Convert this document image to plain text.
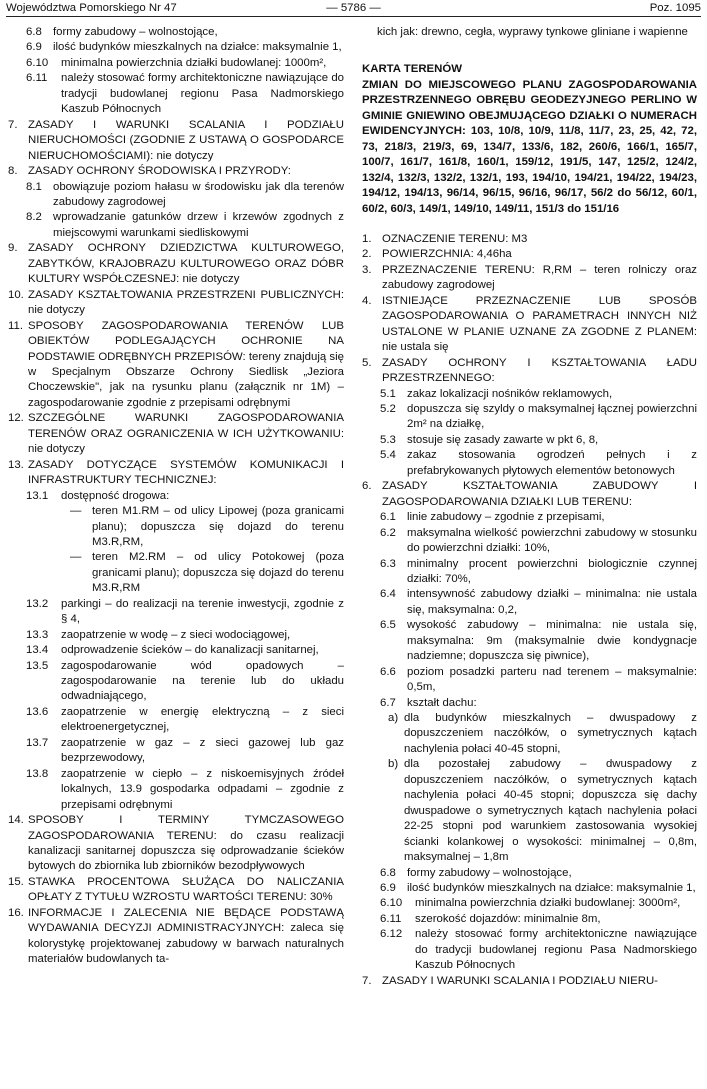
Województwa Pomorskiego Nr 47	— 5786 —	Poz. 1095
6.8 formy zabudowy – wolnostojące,
6.9 ilość budynków mieszkalnych na działce: maksymalnie 1,
6.10 minimalna powierzchnia działki budowlanej: 1000m²,
6.11 należy stosować formy architektoniczne nawiązujące do tradycji budowlanej regionu Pasa Nadmorskiego Kaszub Północnych
7. ZASADY I WARUNKI SCALANIA I PODZIAŁU NIERUCHOMOŚCI (ZGODNIE Z USTAWĄ O GOSPODARCE NIERUCHOMOŚCIAMI): nie dotyczy
8. ZASADY OCHRONY ŚRODOWISKA I PRZYRODY:
8.1 obowiązuje poziom hałasu w środowisku jak dla terenów zabudowy zagrodowej
8.2 wprowadzanie gatunków drzew i krzewów zgodnych z miejscowymi warunkami siedliskowymi
9. ZASADY OCHRONY DZIEDZICTWA KULTUROWEGO, ZABYTKÓW, KRAJOBRAZU KULTUROWEGO ORAZ DÓBR KULTURY WSPÓŁCZESNEJ: nie dotyczy
10. ZASADY KSZTAŁTOWANIA PRZESTRZENI PUBLICZNYCH: nie dotyczy
11. SPOSOBY ZAGOSPODAROWANIA TERENÓW LUB OBIEKTÓW PODLEGAJĄCYCH OCHRONIE NA PODSTAWIE ODRĘBNYCH PRZEPISÓW: tereny znajdują się w Specjalnym Obszarze Ochrony Siedlisk „Jeziora Choczewskie", jak na rysunku planu (załącznik nr 1M) – zagospodarowanie zgodnie z przepisami odrębnymi
12. SZCZEGÓLNE WARUNKI ZAGOSPODAROWANIA TERENÓW ORAZ OGRANICZENIA W ICH UŻYTKOWANIU: nie dotyczy
13. ZASADY DOTYCZĄCE SYSTEMÓW KOMUNIKACJI I INFRASTRUKTURY TECHNICZNEJ:
13.1 dostępność drogowa:
— teren M1.RM – od ulicy Lipowej (poza granicami planu); dopuszcza się dojazd do terenu M3.R,RM,
— teren M2.RM – od ulicy Potokowej (poza granicami planu); dopuszcza się dojazd do terenu M3.R,RM
13.2 parkingi – do realizacji na terenie inwestycji, zgodnie z § 4,
13.3 zaopatrzenie w wodę – z sieci wodociągowej,
13.4 odprowadzenie ścieków – do kanalizacji sanitarnej,
13.5 zagospodarowanie wód opadowych – zagospodarowanie na terenie lub do układu odwadniającego,
13.6 zaopatrzenie w energię elektryczną – z sieci elektroenergetycznej,
13.7 zaopatrzenie w gaz – z sieci gazowej lub gaz bezprzewodowy,
13.8 zaopatrzenie w ciepło – z niskoemisyjnych źródeł lokalnych, 13.9 gospodarka odpadami – zgodnie z przepisami odrębnymi
14. SPOSOBY I TERMINY TYMCZASOWEGO ZAGOSPODAROWANIA TERENU: do czasu realizacji kanalizacji sanitarnej dopuszcza się odprowadzanie ścieków bytowych do zbiornika lub zbiorników bezodpływowych
15. STAWKA PROCENTOWA SŁUŻĄCA DO NALICZANIA OPŁATY Z TYTUŁU WZROSTU WARTOŚCI TERENU: 30%
16. INFORMACJE I ZALECENIA NIE BĘDĄCE PODSTAWĄ WYDAWANIA DECYZJI ADMINISTRACYJNYCH: zaleca się kolorystykę projektowanej zabudowy w barwach naturalnych materiałów budowlanych ta-
kich jak: drewno, cegła, wyprawy tynkowe gliniane i wapienne
KARTA TERENÓW
ZMIAN DO MIEJSCOWEGO PLANU ZAGOSPODAROWANIA PRZESTRZENNEGO OBRĘBU GEODEZYJNEGO PERLINO W GMINIE GNIEWINO OBEJMUJĄCEGO DZIAŁKI O NUMERACH EWIDENCYJNYCH: 103, 10/8, 10/9, 11/8, 11/7, 23, 25, 42, 72, 73, 218/3, 219/3, 69, 134/7, 133/6, 182, 260/6, 166/1, 165/7, 100/7, 161/7, 161/8, 160/1, 159/12, 191/5, 147, 125/2, 124/2, 132/4, 132/3, 132/2, 132/1, 193, 194/10, 194/21, 194/22, 194/23, 194/12, 194/13, 96/14, 96/15, 96/16, 96/17, 56/2 do 56/12, 60/1, 60/2, 60/3, 149/1, 149/10, 149/11, 151/3 do 151/16
1. OZNACZENIE TERENU: M3
2. POWIERZCHNIA: 4,46ha
3. PRZEZNACZENIE TERENU: R,RM – teren rolniczy oraz zabudowy zagrodowej
4. ISTNIEJĄCE PRZEZNACZENIE LUB SPOSÓB ZAGOSPODAROWANIA O PARAMETRACH INNYCH NIŻ USTALONE W PLANIE UZNANE ZA ZGODNE Z PLANEM: nie ustala się
5. ZASADY OCHRONY I KSZTAŁTOWANIA ŁADU PRZESTRZENNEGO:
5.1 zakaz lokalizacji nośników reklamowych,
5.2 dopuszcza się szyldy o maksymalnej łącznej powierzchni 2m² na działkę,
5.3 stosuje się zasady zawarte w pkt 6, 8,
5.4 zakaz stosowania ogrodzeń pełnych i z prefabrykowanych płytowych elementów betonowych
6. ZASADY KSZTAŁTOWANIA ZABUDOWY I ZAGOSPODAROWANIA DZIAŁKI LUB TERENU:
6.1 linie zabudowy – zgodnie z przepisami,
6.2 maksymalna wielkość powierzchni zabudowy w stosunku do powierzchni działki: 10%,
6.3 minimalny procent powierzchni biologicznie czynnej działki: 70%,
6.4 intensywność zabudowy działki – minimalna: nie ustala się, maksymalna: 0,2,
6.5 wysokość zabudowy – minimalna: nie ustala się, maksymalna: 9m (maksymalnie dwie kondygnacje nadziemne; dopuszcza się piwnice),
6.6 poziom posadzki parteru nad terenem – maksymalnie: 0,5m,
6.7 kształt dachu:
a) dla budynków mieszkalnych – dwuspadowy z dopuszczeniem naczółków, o symetrycznych kątach nachylenia połaci 40-45 stopni,
b) dla pozostałej zabudowy – dwuspadowy z dopuszczeniem naczółków, o symetrycznych kątach nachylenia połaci 40-45 stopni; dopuszcza się dachy dwuspadowe o symetrycznych kątach nachylenia połaci 22-25 stopni pod warunkiem zastosowania wysokiej ścianki kolankowej o wysokości: minimalnej – 0,8m, maksymalnej – 1,8m
6.8 formy zabudowy – wolnostojące,
6.9 ilość budynków mieszkalnych na działce: maksymalnie 1,
6.10 minimalna powierzchnia działki budowlanej: 3000m²,
6.11 szerokość dojazdów: minimalnie 8m,
6.12 należy stosować formy architektoniczne nawiązujące do tradycji budowlanej regionu Pasa Nadmorskiego Kaszub Północnych
7. ZASADY I WARUNKI SCALANIA I PODZIAŁU NIERU-
